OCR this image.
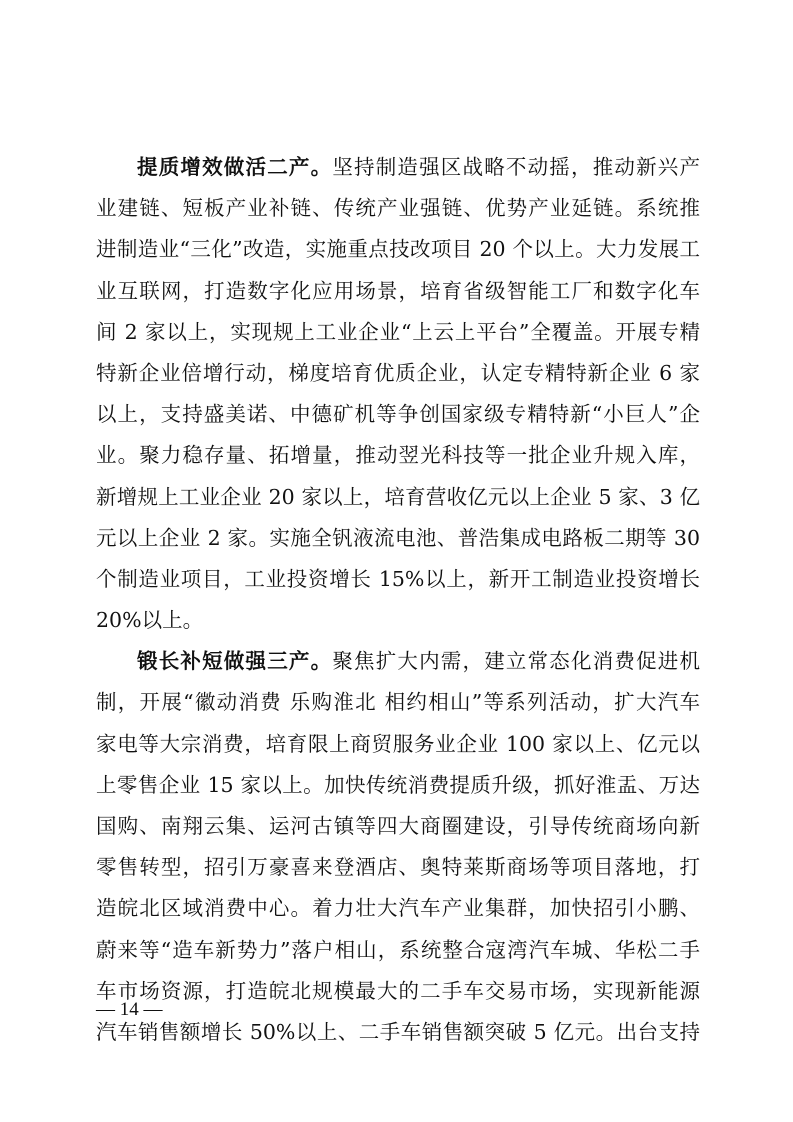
提质增效做活二产。坚持制造强区战略不动摇，推动新兴产
业建链、短板产业补链、传统产业强链、优势产业延链。系统推
进制造业“三化”改造，实施重点技改项目 20 个以上。大力发展工
业互联网，打造数字化应用场景，培育省级智能工厂和数字化车
间 2 家以上，实现规上工业企业“上云上平台”全覆盖。开展专精
特新企业倍增行动，梯度培育优质企业，认定专精特新企业 6 家
以上，支持盛美诺、中德矿机等争创国家级专精特新“小巨人”企
业。聚力稳存量、拓增量，推动翌光科技等一批企业升规入库，
新增规上工业企业 20 家以上，培育营收亿元以上企业 5 家、3 亿
元以上企业 2 家。实施全钒液流电池、普浩集成电路板二期等 30
个制造业项目，工业投资增长 15%以上，新开工制造业投资增长
20%以上。
锻长补短做强三产。聚焦扩大内需，建立常态化消费促进机
制，开展“徽动消费 乐购淮北 相约相山”等系列活动，扩大汽车
家电等大宗消费，培育限上商贸服务业企业 100 家以上、亿元以
上零售企业 15 家以上。加快传统消费提质升级，抓好淮盂、万达
国购、南翔云集、运河古镇等四大商圈建设，引导传统商场向新
零售转型，招引万豪喜来登酒店、奥特莱斯商场等项目落地，打
造皖北区域消费中心。着力壮大汽车产业集群，加快招引小鹏、
蔚来等“造车新势力”落户相山，系统整合寇湾汽车城、华松二手
车市场资源，打造皖北规模最大的二手车交易市场，实现新能源
汽车销售额增长 50%以上、二手车销售额突破 5 亿元。出台支持
— 14 —
